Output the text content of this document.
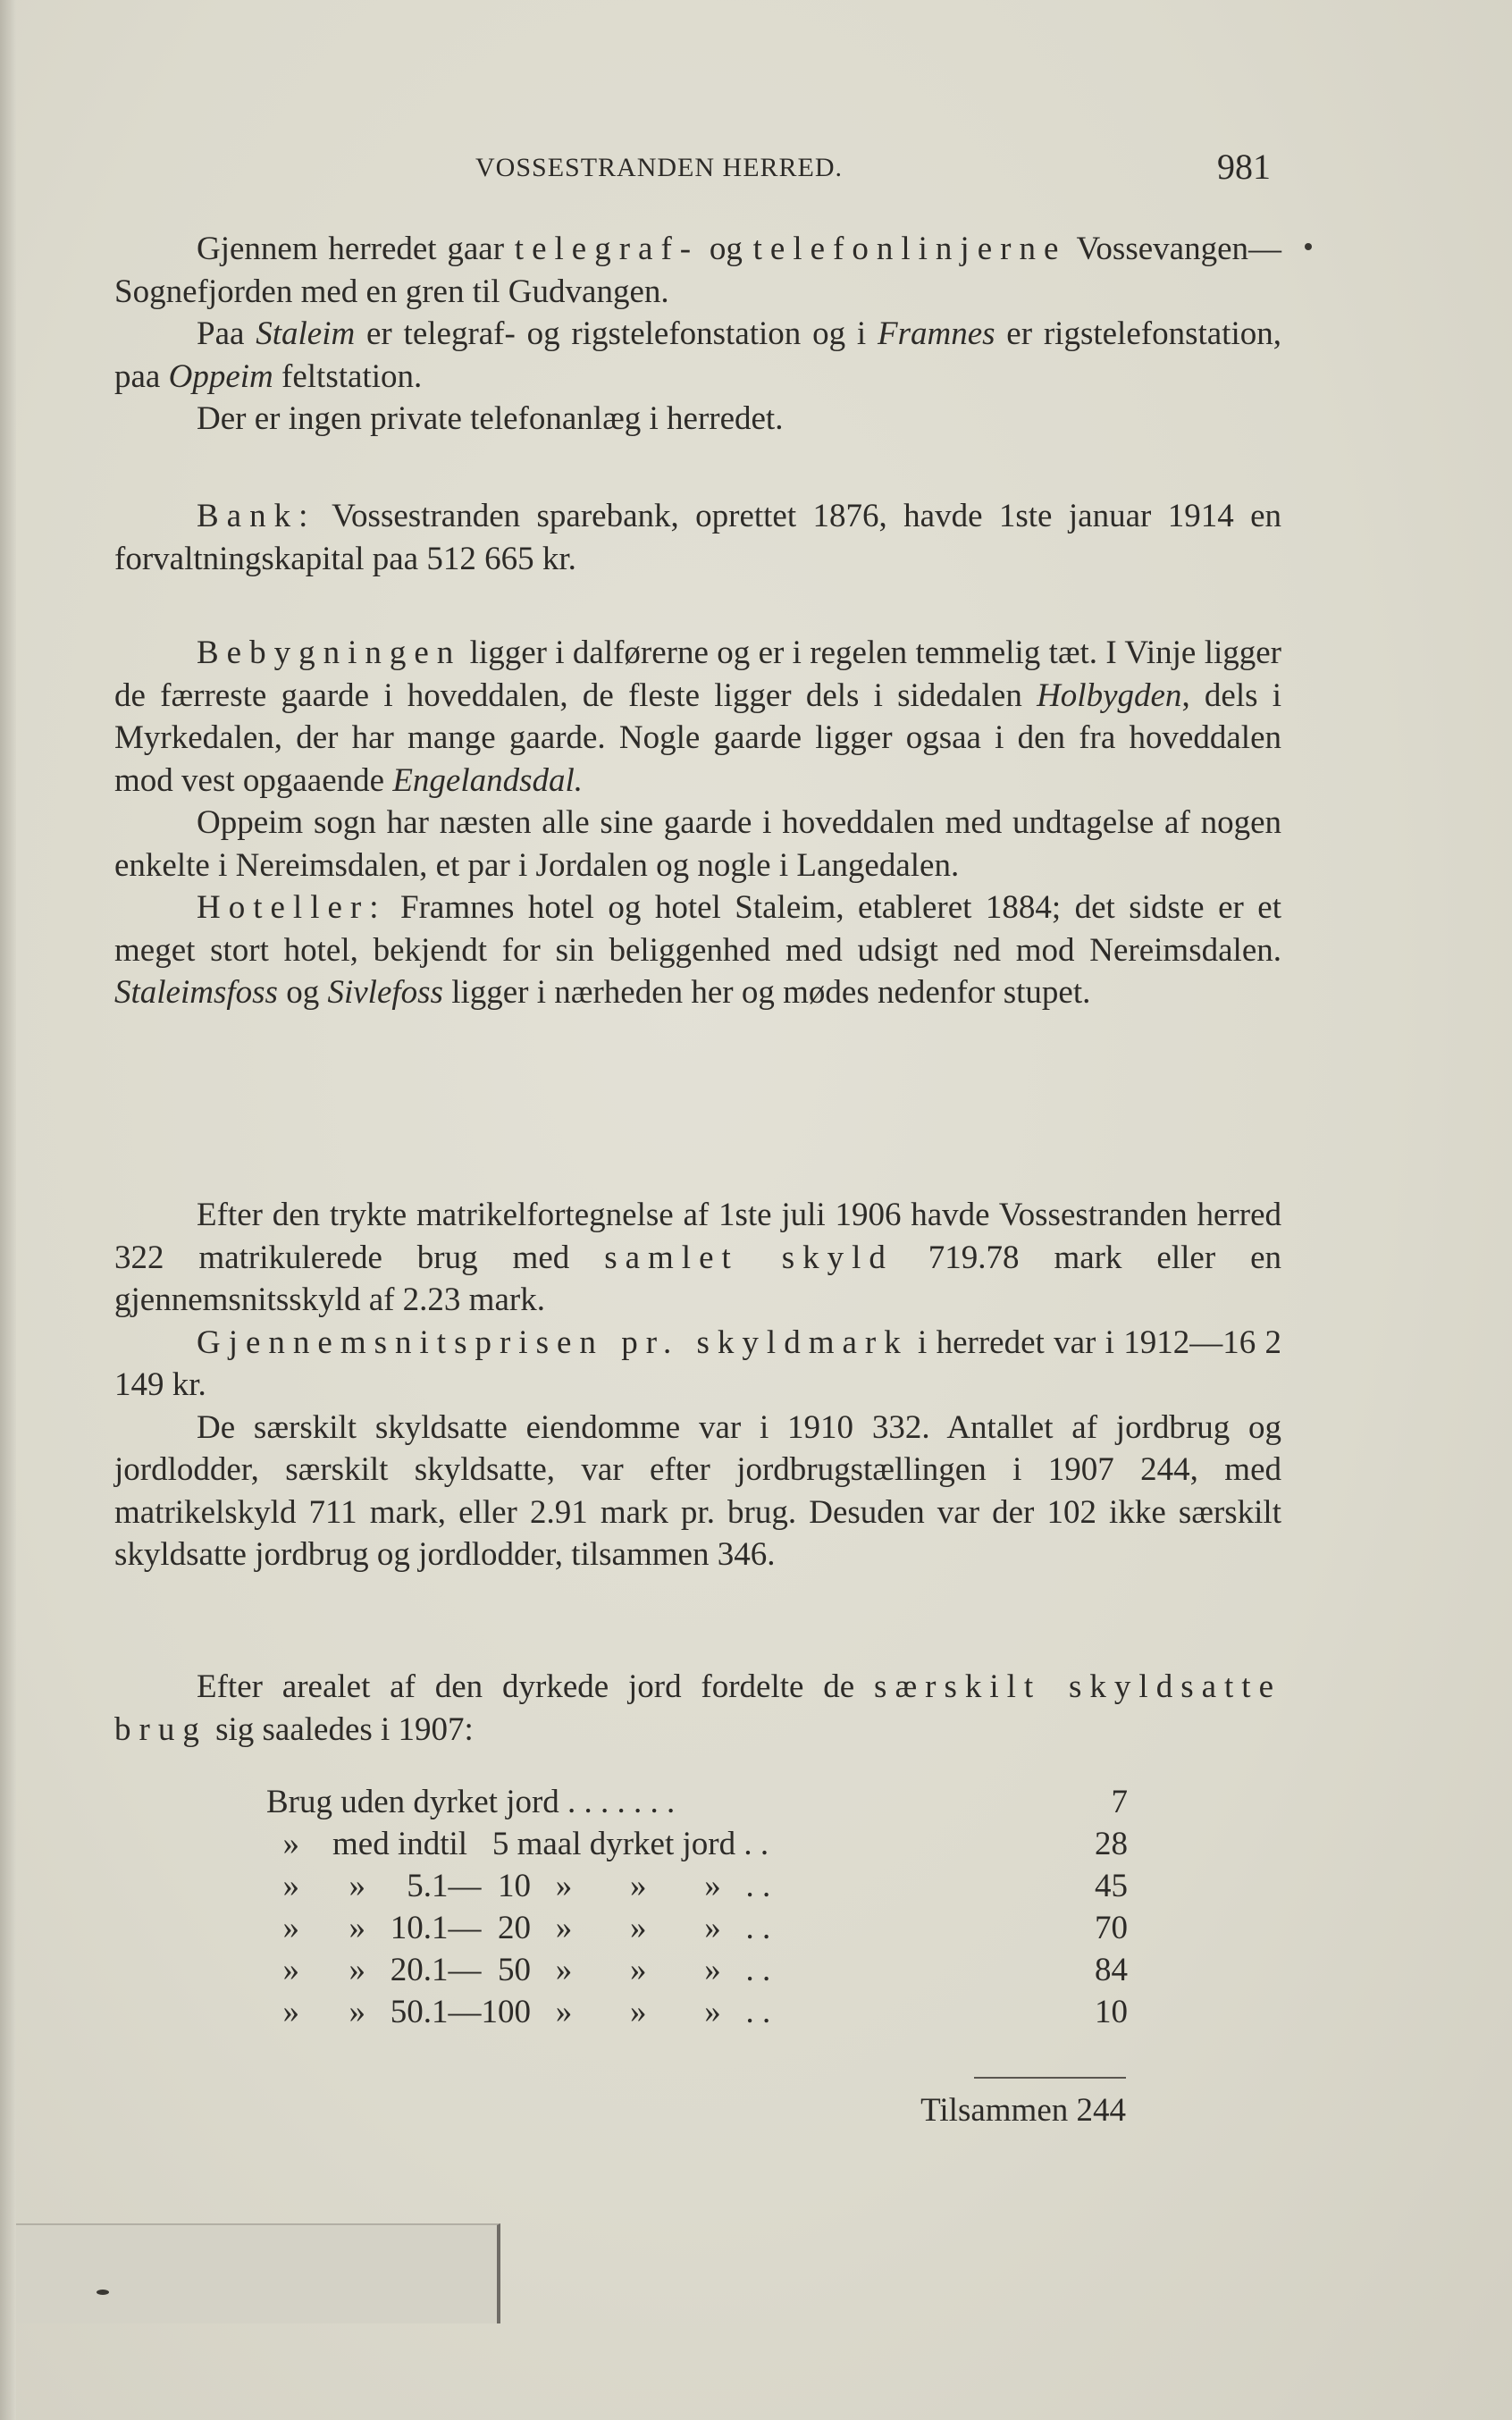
VOSSESTRANDEN HERRED.	981

Gjennem herredet gaar telegraf- og telefonlinjerne Vossevangen—Sognefjorden med en gren til Gudvangen.

Paa Staleim er telegraf- og rigstelefonstation og i Framnes er rigstelefonstation, paa Oppeim feltstation.

Der er ingen private telefonanlæg i herredet.

Bank: Vossestranden sparebank, oprettet 1876, havde 1ste januar 1914 en forvaltningskapital paa 512 665 kr.

Bebygningen ligger i dalførerne og er i regelen temmelig tæt. I Vinje ligger de færreste gaarde i hoveddalen, de fleste ligger dels i sidedalen Holbygden, dels i Myrkedalen, der har mange gaarde. Nogle gaarde ligger ogsaa i den fra hoveddalen mod vest opgaaende Engelandsdal.

Oppeim sogn har næsten alle sine gaarde i hoveddalen med undtagelse af nogen enkelte i Nereimsdalen, et par i Jordalen og nogle i Langedalen.

Hoteller: Framnes hotel og hotel Staleim, etableret 1884; det sidste er et meget stort hotel, bekjendt for sin beliggenhed med udsigt ned mod Nereimsdalen. Staleimsfoss og Sivlefoss ligger i nærheden her og mødes nedenfor stupet.

Efter den trykte matrikelfortegnelse af 1ste juli 1906 havde Vossestranden herred 322 matrikulerede brug med samlet skyld 719.78 mark eller en gjennemsnitsskyld af 2.23 mark.

Gjennemsnitsprisen pr. skyldmark i herredet var i 1912—16 2 149 kr.

De særskilt skyldsatte eiendomme var i 1910 332. Antallet af jordbrug og jordlodder, særskilt skyldsatte, var efter jordbrugstællingen i 1907 244, med matrikelskyld 711 mark, eller 2.91 mark pr. brug. Desuden var der 102 ikke særskilt skyldsatte jordbrug og jordlodder, tilsammen 346.

Efter arealet af den dyrkede jord fordelte de særskilt skyldsatte brug sig saaledes i 1907:

Brug uden dyrket jord . . . . . . .	7
»    med indtil   5 maal dyrket jord . .	28
»      »     5.1—  10   »       »       »   . .	45
»      »   10.1—  20   »       »       »   . .	70
»      »   20.1—  50   »       »       »   . .	84
»      »   50.1—100   »       »       »   . .	10
Tilsammen 244
